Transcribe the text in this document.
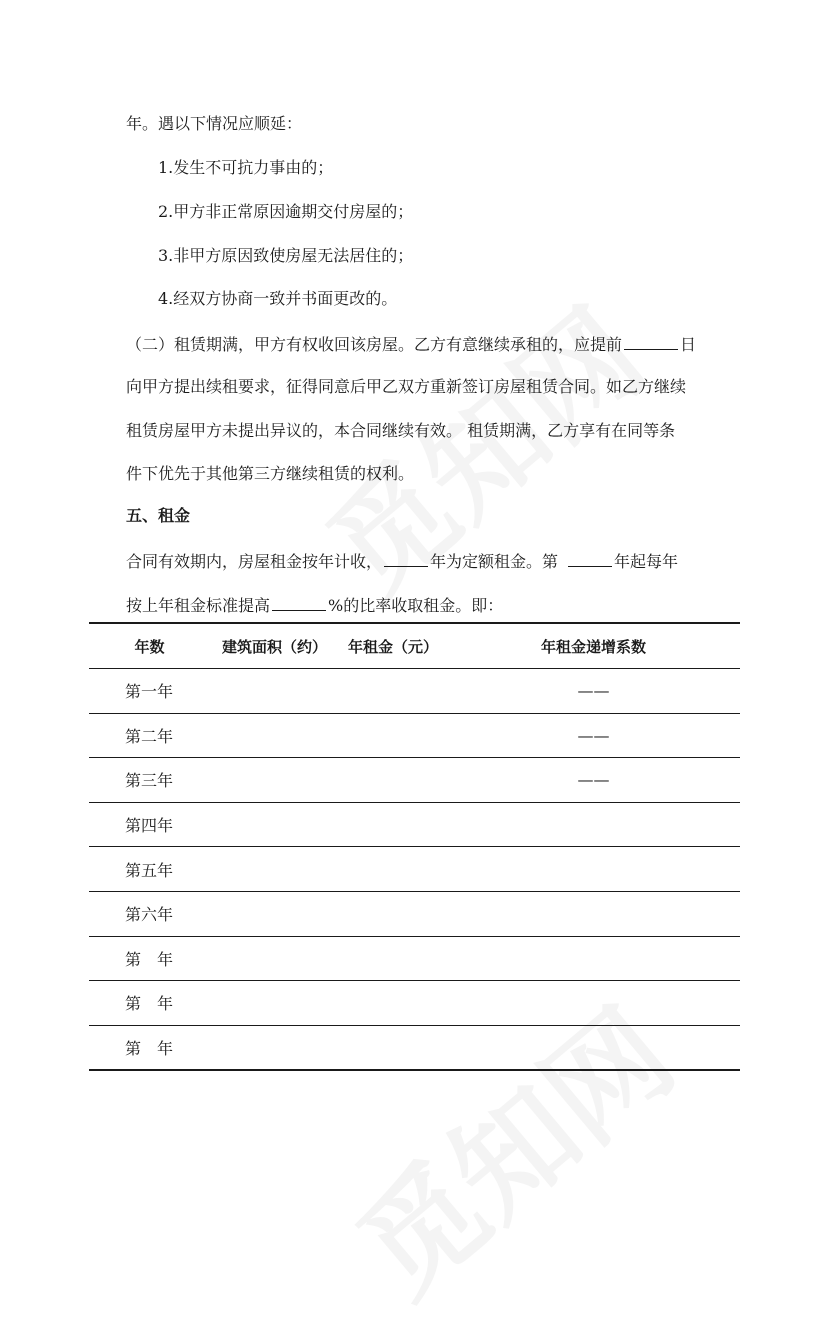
年。遇以下情况应顺延：
1.发生不可抗力事由的；
2.甲方非正常原因逾期交付房屋的；
3.非甲方原因致使房屋无法居住的；
4.经双方协商一致并书面更改的。
（二）租赁期满，甲方有权收回该房屋。乙方有意继续承租的，应提前	日
向甲方提出续租要求，征得同意后甲乙双方重新签订房屋租赁合同。如乙方继续
租赁房屋甲方未提出异议的，本合同继续有效。 租赁期满，乙方享有在同等条
件下优先于其他第三方继续租赁的权利。
五、租金
合同有效期内，房屋租金按年计收，	年为定额租金。第	年起每年
按上年租金标准提高	%的比率收取租金。即：
年数	建筑面积（约）	年租金（元）	年租金递增系数
第一年			——
第二年			——
第三年			——
第四年			
第五年			
第六年			
第　年			
第　年			
第　年			
